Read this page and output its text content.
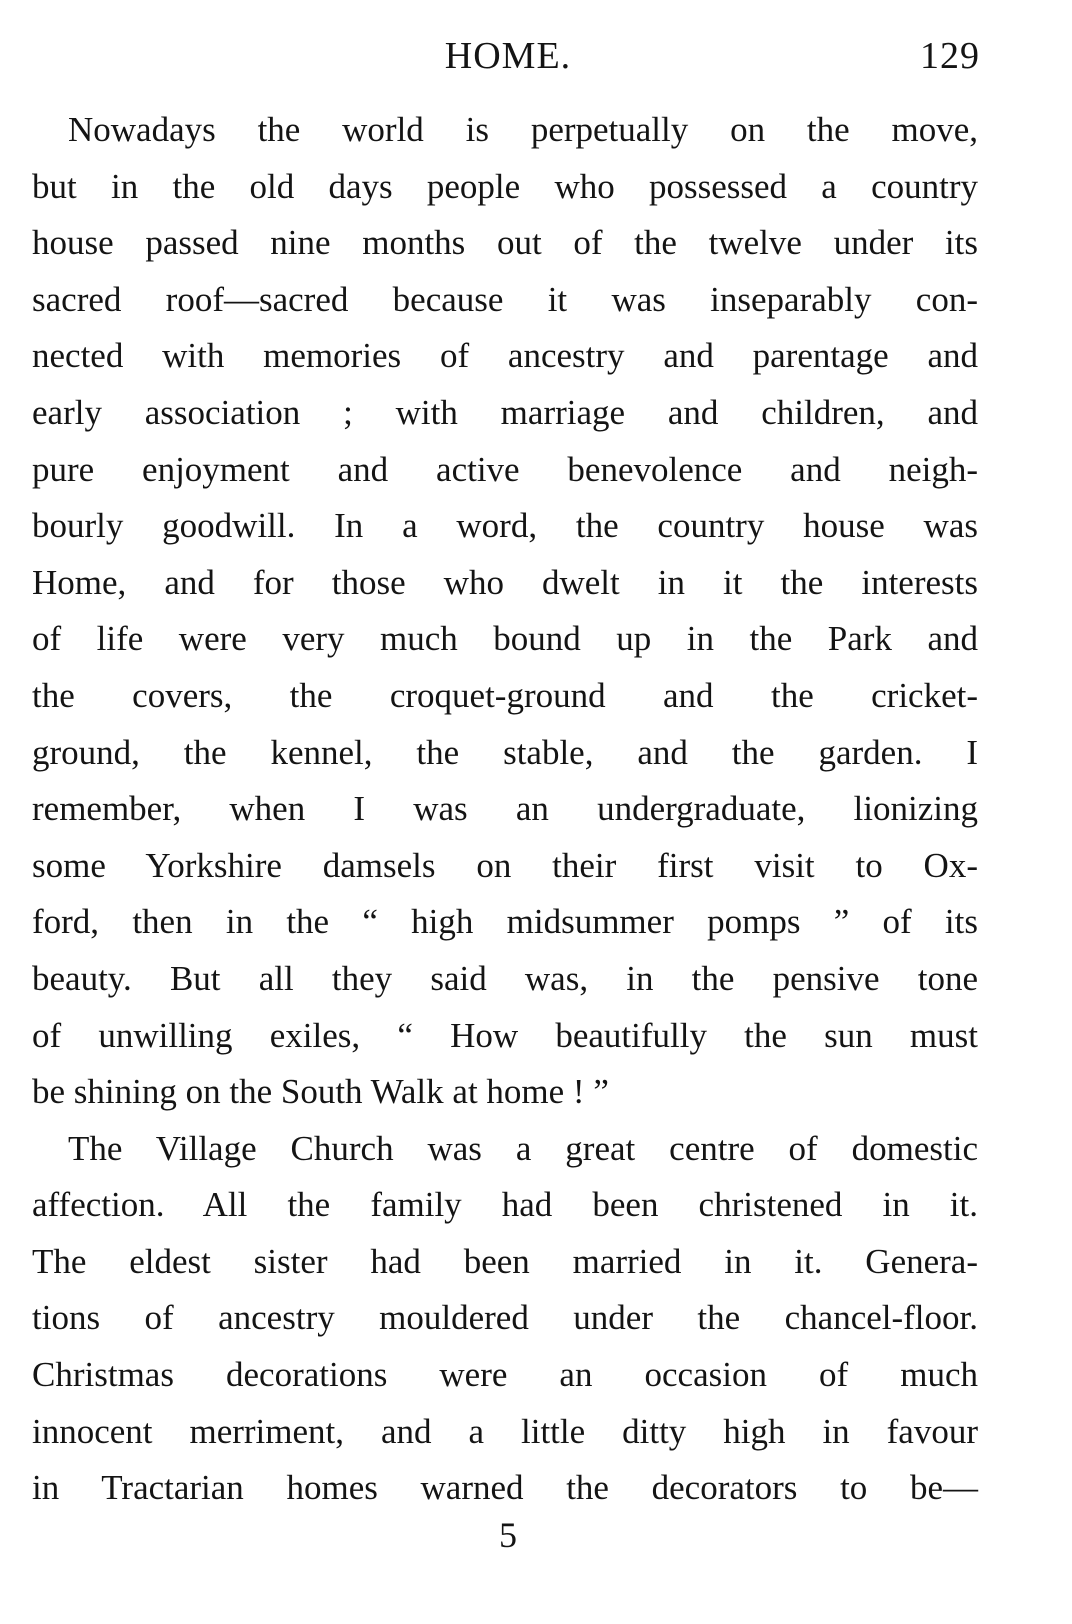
HOME.	129
Nowadays the world is perpetually on the move,
but in the old days people who possessed a country
house passed nine months out of the twelve under its
sacred roof—sacred because it was inseparably con-
nected with memories of ancestry and parentage and
early association ; with marriage and children, and
pure enjoyment and active benevolence and neigh-
bourly goodwill. In a word, the country house was
Home, and for those who dwelt in it the interests
of life were very much bound up in the Park and
the covers, the croquet-ground and the cricket-
ground, the kennel, the stable, and the garden. I
remember, when I was an undergraduate, lionizing
some Yorkshire damsels on their first visit to Ox-
ford, then in the “ high midsummer pomps ” of its
beauty. But all they said was, in the pensive tone
of unwilling exiles, “ How beautifully the sun must
be shining on the South Walk at home ! ”
The Village Church was a great centre of domestic
affection. All the family had been christened in it.
The eldest sister had been married in it. Genera-
tions of ancestry mouldered under the chancel-floor.
Christmas decorations were an occasion of much
innocent merriment, and a little ditty high in favour
in Tractarian homes warned the decorators to be—
5
